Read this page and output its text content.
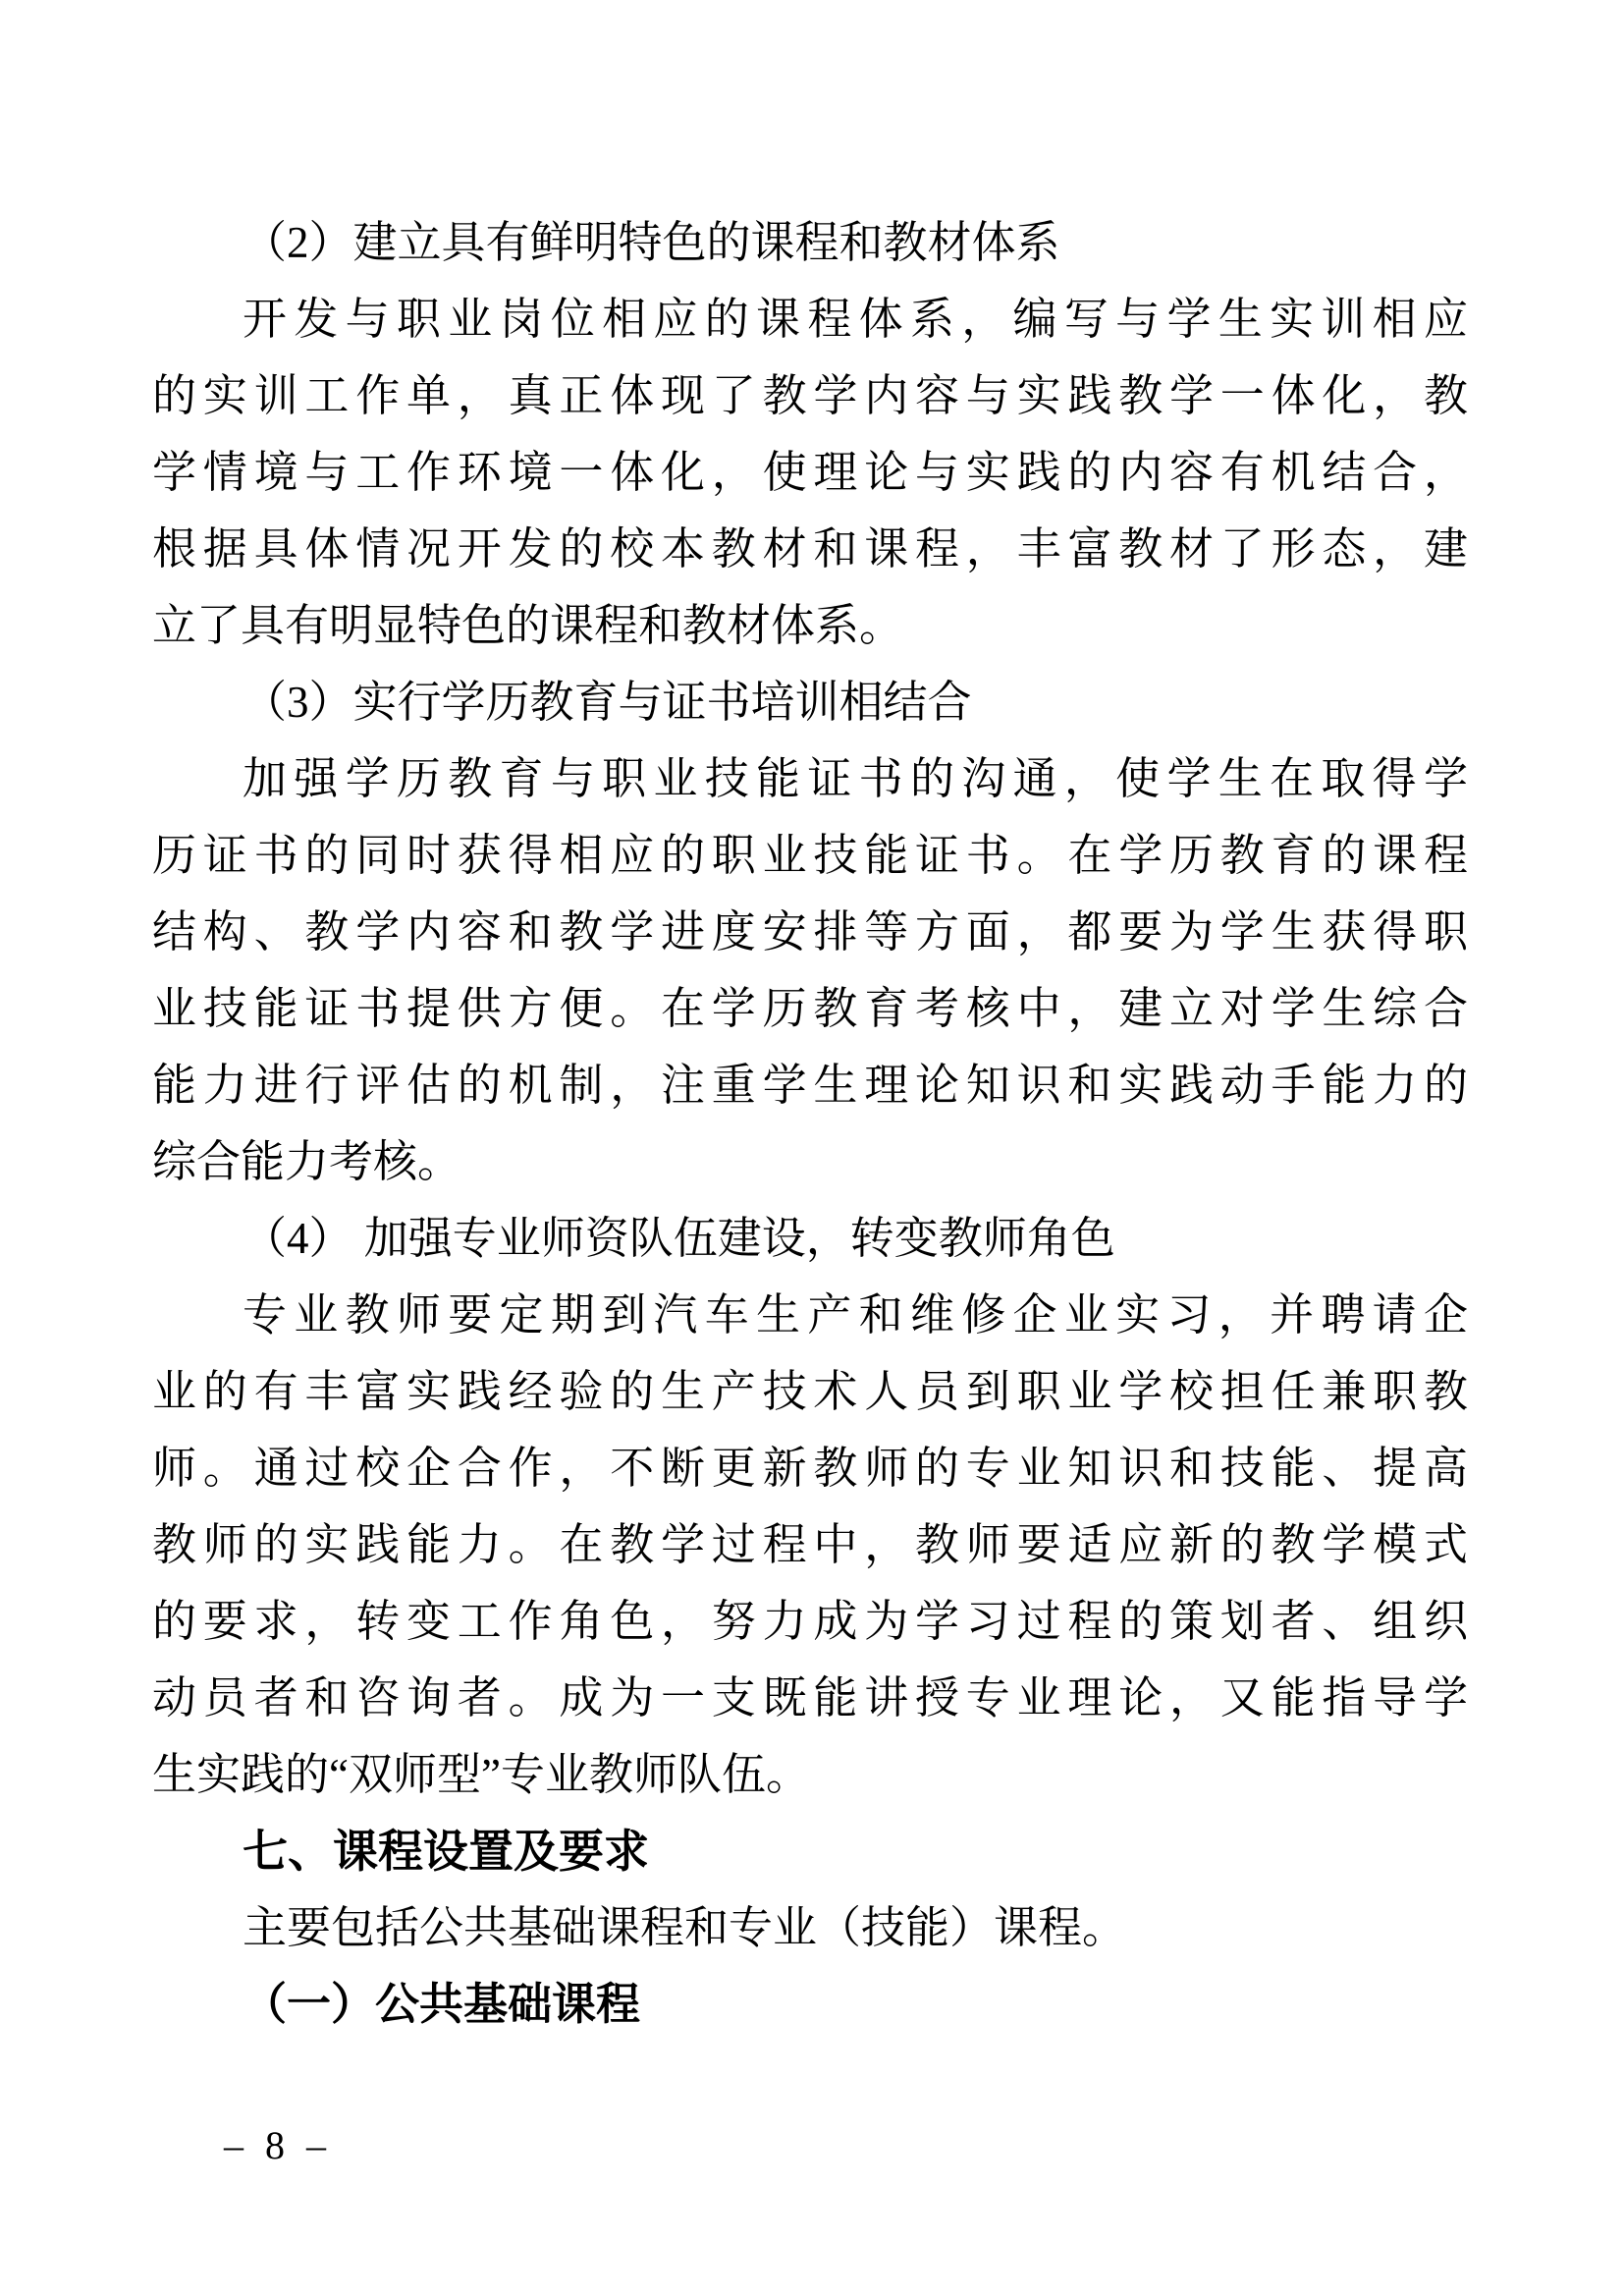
（2）建立具有鲜明特色的课程和教材体系
开发与职业岗位相应的课程体系，编写与学生实训相应
的实训工作单，真正体现了教学内容与实践教学一体化，教
学情境与工作环境一体化，使理论与实践的内容有机结合，
根据具体情况开发的校本教材和课程，丰富教材了形态，建
立了具有明显特色的课程和教材体系。
（3）实行学历教育与证书培训相结合
加强学历教育与职业技能证书的沟通，使学生在取得学
历证书的同时获得相应的职业技能证书。在学历教育的课程
结构、教学内容和教学进度安排等方面，都要为学生获得职
业技能证书提供方便。在学历教育考核中，建立对学生综合
能力进行评估的机制，注重学生理论知识和实践动手能力的
综合能力考核。
（4） 加强专业师资队伍建设，转变教师角色
专业教师要定期到汽车生产和维修企业实习，并聘请企
业的有丰富实践经验的生产技术人员到职业学校担任兼职教
师。通过校企合作，不断更新教师的专业知识和技能、提高
教师的实践能力。在教学过程中，教师要适应新的教学模式
的要求，转变工作角色，努力成为学习过程的策划者、组织
动员者和咨询者。成为一支既能讲授专业理论，又能指导学
生实践的“双师型”专业教师队伍。
七、课程设置及要求
主要包括公共基础课程和专业（技能）课程。
（一）公共基础课程
– 8 –
